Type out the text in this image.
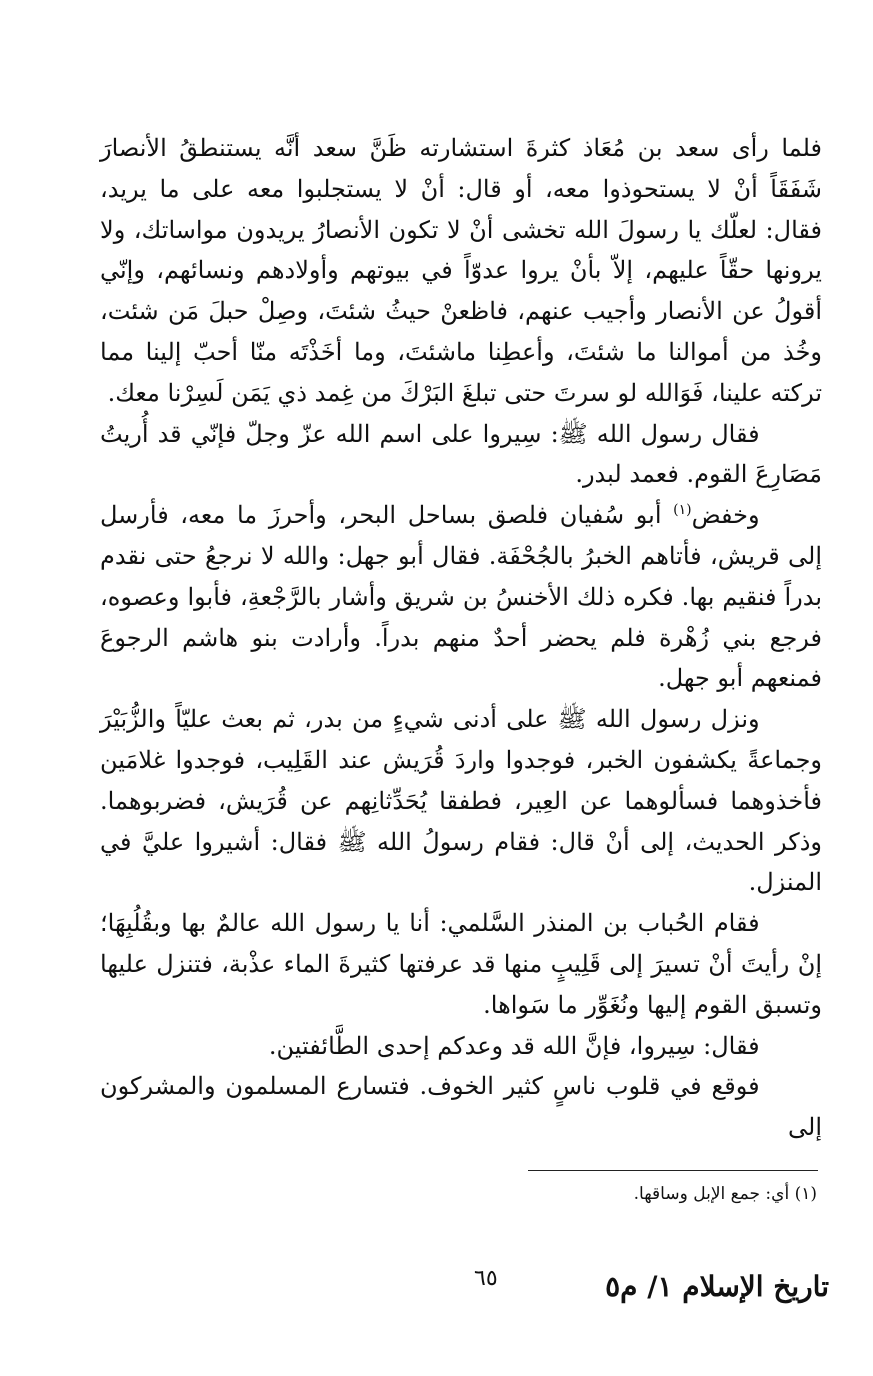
فلما رأى سعد بن مُعَاذ كثرةَ استشارته ظَنَّ سعد أنَّه يستنطقُ الأنصارَ شَفَقَاً أنْ لا يستحوذوا معه، أو قال: أنْ لا يستجلبوا معه على ما يريد، فقال: لعلّك يا رسولَ الله تخشى أنْ لا تكون الأنصارُ يريدون مواساتك، ولا يرونها حقّاً عليهم، إلاّ بأنْ يروا عدوّاً في بيوتهم وأولادهم ونسائهم، وإنّي أقولُ عن الأنصار وأجيب عنهم، فاظعنْ حيثُ شئتَ، وصِلْ حبلَ مَن شئت، وخُذ من أموالنا ما شئتَ، وأعطِنا ماشئتَ، وما أخَذْتَه منّا أحبّ إلينا مما تركته علينا، فَوَالله لو سرتَ حتى تبلغَ البَرْكَ من غِمد ذي يَمَن لَسِرْنا معك.

فقال رسول الله ﷺ: سِيروا على اسم الله عزّ وجلّ فإنّي قد أُريتُ مَصَارِعَ القوم. فعمد لبدر.

وخفض$^{(١)}$ أبو سُفيان فلصق بساحل البحر، وأحرزَ ما معه، فأرسل إلى قريش، فأتاهم الخبرُ بالجُحْفَة. فقال أبو جهل: والله لا نرجعُ حتى نقدم بدراً فنقيم بها. فكره ذلك الأخنسُ بن شريق وأشار بالرَّجْعةِ، فأبوا وعصوه، فرجع بني زُهْرة فلم يحضر أحدٌ منهم بدراً. وأرادت بنو هاشم الرجوعَ فمنعهم أبو جهل.

ونزل رسول الله ﷺ على أدنى شيءٍ من بدر، ثم بعث عليّاً والزُّبَيْرَ وجماعةً يكشفون الخبر، فوجدوا واردَ قُرَيش عند القَلِيب، فوجدوا غلامَين فأخذوهما فسألوهما عن العِير، فطفقا يُحَدِّثانِهم عن قُرَيش، فضربوهما. وذكر الحديث، إلى أنْ قال: فقام رسولُ الله ﷺ فقال: أشيروا عليَّ في المنزل.

فقام الحُباب بن المنذر السَّلمي: أنا يا رسول الله عالمٌ بها وبقُلُبِهَا؛ إنْ رأيتَ أنْ تسيرَ إلى قَلِيبٍ منها قد عرفتها كثيرةَ الماء عذْبة، فتنزل عليها وتسبق القوم إليها ونُغَوِّر ما سَواها.

فقال: سِيروا، فإنَّ الله قد وعدكم إحدى الطَّائفتين.

فوقع في قلوب ناسٍ كثير الخوف. فتسارع المسلمون والمشركون إلى

(١) أي: جمع الإبل وساقها.
٦٥	تاريخ الإسلام ١/ م٥
